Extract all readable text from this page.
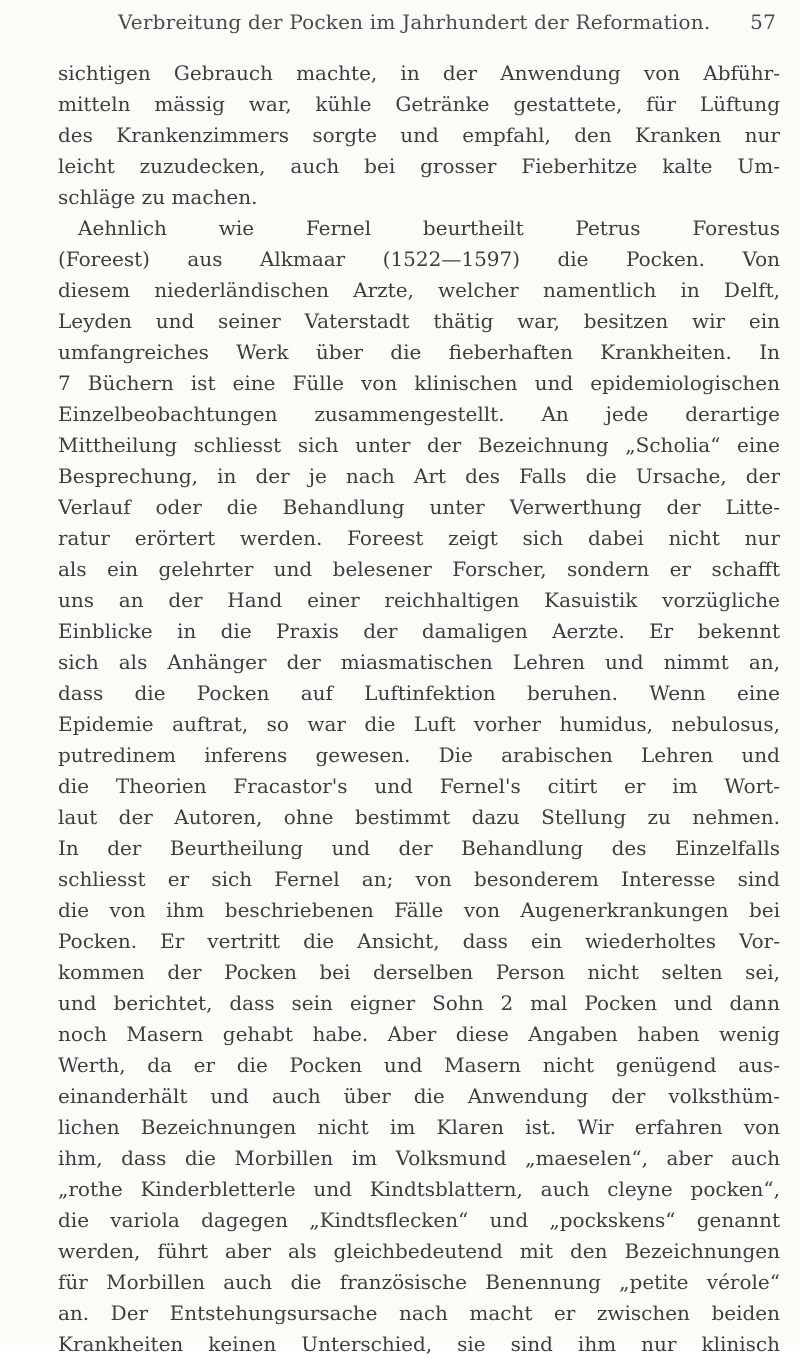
Verbreitung der Pocken im Jahrhundert der Reformation. 57
sichtigen Gebrauch machte, in der Anwendung von Abführ-
mitteln mässig war, kühle Getränke gestattete, für Lüftung
des Krankenzimmers sorgte und empfahl, den Kranken nur
leicht zuzudecken, auch bei grosser Fieberhitze kalte Um-
schläge zu machen.
Aehnlich wie Fernel beurtheilt Petrus Forestus
(Foreest) aus Alkmaar (1522—1597) die Pocken. Von
diesem niederländischen Arzte, welcher namentlich in Delft,
Leyden und seiner Vaterstadt thätig war, besitzen wir ein
umfangreiches Werk über die fieberhaften Krankheiten. In
7 Büchern ist eine Fülle von klinischen und epidemiologischen
Einzelbeobachtungen zusammengestellt. An jede derartige
Mittheilung schliesst sich unter der Bezeichnung „Scholia“ eine
Besprechung, in der je nach Art des Falls die Ursache, der
Verlauf oder die Behandlung unter Verwerthung der Litte-
ratur erörtert werden. Foreest zeigt sich dabei nicht nur
als ein gelehrter und belesener Forscher, sondern er schafft
uns an der Hand einer reichhaltigen Kasuistik vorzügliche
Einblicke in die Praxis der damaligen Aerzte. Er bekennt
sich als Anhänger der miasmatischen Lehren und nimmt an,
dass die Pocken auf Luftinfektion beruhen. Wenn eine
Epidemie auftrat, so war die Luft vorher humidus, nebulosus,
putredinem inferens gewesen. Die arabischen Lehren und
die Theorien Fracastor's und Fernel's citirt er im Wort-
laut der Autoren, ohne bestimmt dazu Stellung zu nehmen.
In der Beurtheilung und der Behandlung des Einzelfalls
schliesst er sich Fernel an; von besonderem Interesse sind
die von ihm beschriebenen Fälle von Augenerkrankungen bei
Pocken. Er vertritt die Ansicht, dass ein wiederholtes Vor-
kommen der Pocken bei derselben Person nicht selten sei,
und berichtet, dass sein eigner Sohn 2 mal Pocken und dann
noch Masern gehabt habe. Aber diese Angaben haben wenig
Werth, da er die Pocken und Masern nicht genügend aus-
einanderhält und auch über die Anwendung der volksthüm-
lichen Bezeichnungen nicht im Klaren ist. Wir erfahren von
ihm, dass die Morbillen im Volksmund „maeselen“, aber auch
„rothe Kinderbletterle und Kindtsblattern, auch cleyne pocken“,
die variola dagegen „Kindtsflecken“ und „pockskens“ genannt
werden, führt aber als gleichbedeutend mit den Bezeichnungen
für Morbillen auch die französische Benennung „petite vérole“
an. Der Entstehungsursache nach macht er zwischen beiden
Krankheiten keinen Unterschied, sie sind ihm nur klinisch
